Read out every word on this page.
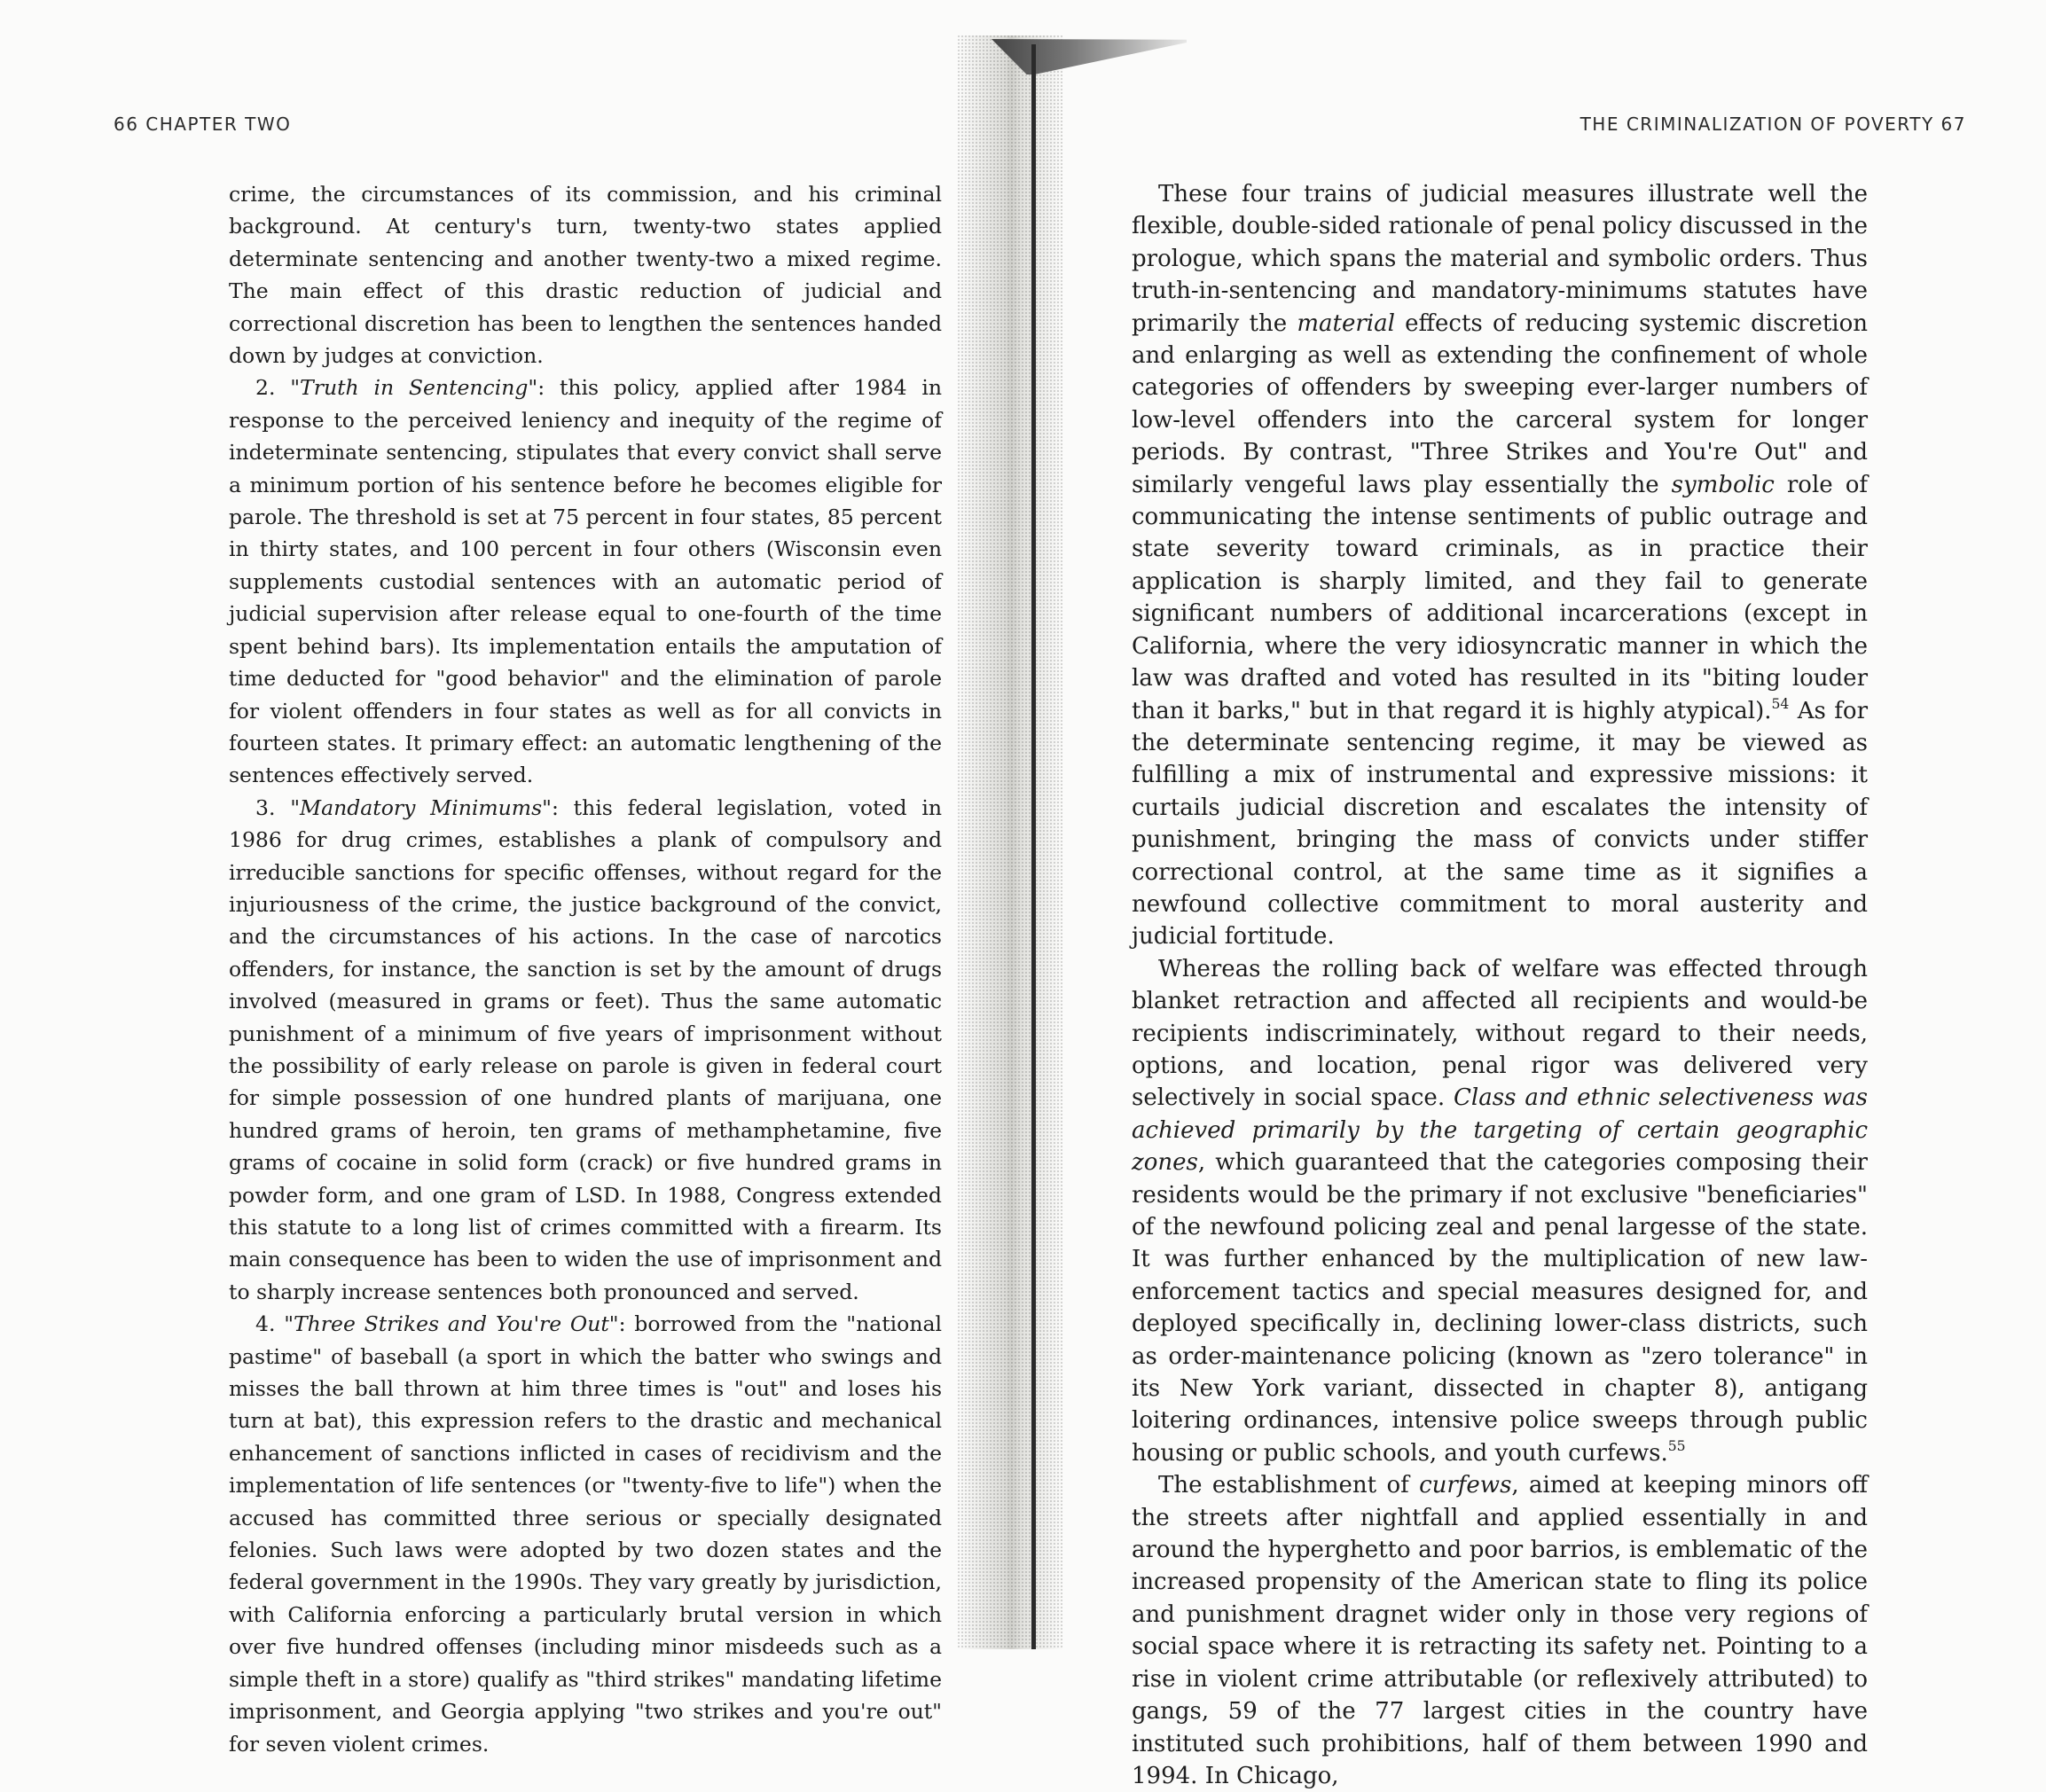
66 CHAPTER TWO	THE CRIMINALIZATION OF POVERTY 67

crime, the circumstances of its commission, and his criminal background. At century's turn, twenty-two states applied determinate sentencing and another twenty-two a mixed regime. The main effect of this drastic reduction of judicial and correctional discretion has been to lengthen the sentences handed down by judges at conviction.

2. "Truth in Sentencing": this policy, applied after 1984 in response to the perceived leniency and inequity of the regime of indeterminate sentencing, stipulates that every convict shall serve a minimum portion of his sentence before he becomes eligible for parole. The threshold is set at 75 percent in four states, 85 percent in thirty states, and 100 percent in four others (Wisconsin even supplements custodial sentences with an automatic period of judicial supervision after release equal to one-fourth of the time spent behind bars). Its implementation entails the amputation of time deducted for "good behavior" and the elimination of parole for violent offenders in four states as well as for all convicts in fourteen states. It primary effect: an automatic lengthening of the sentences effectively served.

3. "Mandatory Minimums": this federal legislation, voted in 1986 for drug crimes, establishes a plank of compulsory and irreducible sanctions for specific offenses, without regard for the injuriousness of the crime, the justice background of the convict, and the circumstances of his actions. In the case of narcotics offenders, for instance, the sanction is set by the amount of drugs involved (measured in grams or feet). Thus the same automatic punishment of a minimum of five years of imprisonment without the possibility of early release on parole is given in federal court for simple possession of one hundred plants of marijuana, one hundred grams of heroin, ten grams of methamphetamine, five grams of cocaine in solid form (crack) or five hundred grams in powder form, and one gram of LSD. In 1988, Congress extended this statute to a long list of crimes committed with a firearm. Its main consequence has been to widen the use of imprisonment and to sharply increase sentences both pronounced and served.

4. "Three Strikes and You're Out": borrowed from the "national pastime" of baseball (a sport in which the batter who swings and misses the ball thrown at him three times is "out" and loses his turn at bat), this expression refers to the drastic and mechanical enhancement of sanctions inflicted in cases of recidivism and the implementation of life sentences (or "twenty-five to life") when the accused has committed three serious or specially designated felonies. Such laws were adopted by two dozen states and the federal government in the 1990s. They vary greatly by jurisdiction, with California enforcing a particularly brutal version in which over five hundred offenses (including minor misdeeds such as a simple theft in a store) qualify as "third strikes" mandating lifetime imprisonment, and Georgia applying "two strikes and you're out" for seven violent crimes.

These four trains of judicial measures illustrate well the flexible, double-sided rationale of penal policy discussed in the prologue, which spans the material and symbolic orders. Thus truth-in-sentencing and mandatory-minimums statutes have primarily the material effects of reducing systemic discretion and enlarging as well as extending the confinement of whole categories of offenders by sweeping ever-larger numbers of low-level offenders into the carceral system for longer periods. By contrast, "Three Strikes and You're Out" and similarly vengeful laws play essentially the symbolic role of communicating the intense sentiments of public outrage and state severity toward criminals, as in practice their application is sharply limited, and they fail to generate significant numbers of additional incarcerations (except in California, where the very idiosyncratic manner in which the law was drafted and voted has resulted in its "biting louder than it barks," but in that regard it is highly atypical).$^{54}$ As for the determinate sentencing regime, it may be viewed as fulfilling a mix of instrumental and expressive missions: it curtails judicial discretion and escalates the intensity of punishment, bringing the mass of convicts under stiffer correctional control, at the same time as it signifies a newfound collective commitment to moral austerity and judicial fortitude.

Whereas the rolling back of welfare was effected through blanket retraction and affected all recipients and would-be recipients indiscriminately, without regard to their needs, options, and location, penal rigor was delivered very selectively in social space. Class and ethnic selectiveness was achieved primarily by the targeting of certain geographic zones, which guaranteed that the categories composing their residents would be the primary if not exclusive "beneficiaries" of the newfound policing zeal and penal largesse of the state. It was further enhanced by the multiplication of new law-enforcement tactics and special measures designed for, and deployed specifically in, declining lower-class districts, such as order-maintenance policing (known as "zero tolerance" in its New York variant, dissected in chapter 8), antigang loitering ordinances, intensive police sweeps through public housing or public schools, and youth curfews.$^{55}$

The establishment of curfews, aimed at keeping minors off the streets after nightfall and applied essentially in and around the hyperghetto and poor barrios, is emblematic of the increased propensity of the American state to fling its police and punishment dragnet wider only in those very regions of social space where it is retracting its safety net. Pointing to a rise in violent crime attributable (or reflexively attributed) to gangs, 59 of the 77 largest cities in the country have instituted such prohibitions, half of them between 1990 and 1994. In Chicago,
